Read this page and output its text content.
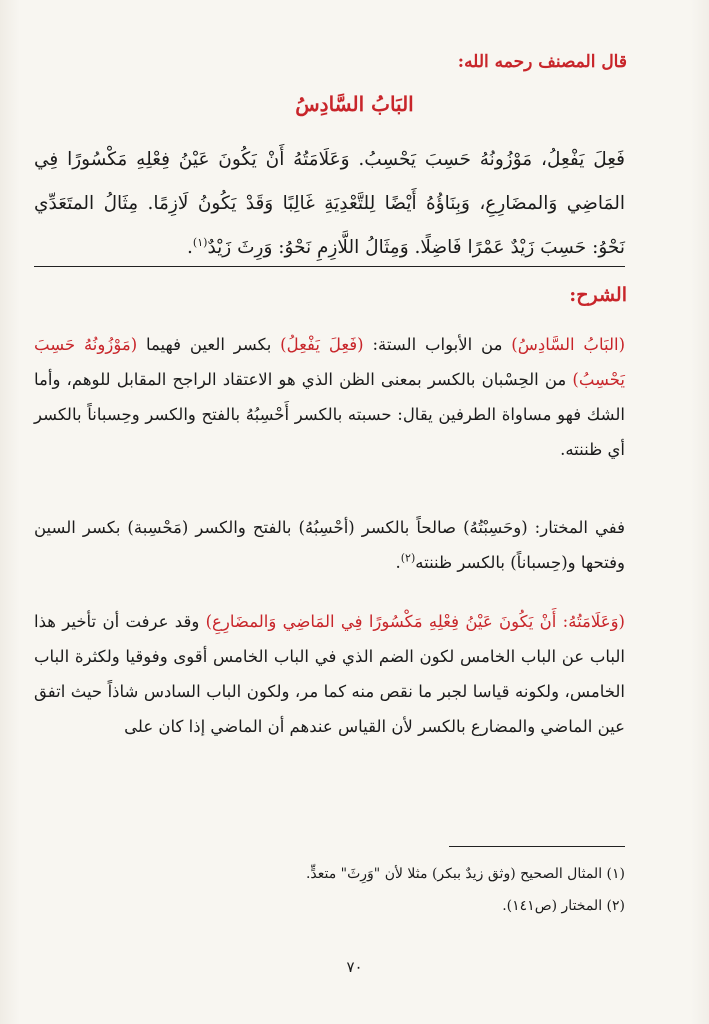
قال المصنف رحمه الله:
البَابُ السَّادِسُ
فَعِلَ يَفْعِلُ، مَوْزُونُهُ حَسِبَ يَحْسِبُ. وَعَلَامَتُهُ أَنْ يَكُونَ عَيْنُ فِعْلِهِ مَكْسُورًا فِي المَاضِي وَالمضَارِعِ، وَبِنَاؤُهُ أَيْضًا لِلتَّعْدِيَةِ غَالِبًا وَقَدْ يَكُونُ لَازِمًا. مِثَالُ المتَعَدِّي نَحْوُ: حَسِبَ زَيْدٌ عَمْرًا فَاضِلًا. وَمِثَالُ اللَّازِمِ نَحْوُ: وَرِثَ زَيْدٌ$^{(١)}$.
الشرح:
(البَابُ السَّادِسُ) من الأبواب الستة: (فَعِلَ يَفْعِلُ) بكسر العين فهيما (مَوْزُونُهُ حَسِبَ يَحْسِبُ) من الحِسْبان بالكسر بمعنى الظن الذي هو الاعتقاد الراجح المقابل للوهم، وأما الشك فهو مساواة الطرفين يقال: حسبته بالكسر أَحْسِبُهُ بالفتح والكسر وحِسباناً بالكسر أي ظننته.
ففي المختار: (وحَسِبْتُهُ) صالحاً بالكسر (أحْسِبُهُ) بالفتح والكسر (مَحْسِبة) بكسر السين وفتحها و(حِسباناً) بالكسر ظننته$^{(٢)}$.
(وَعَلَامَتُهُ: أَنْ يَكُونَ عَيْنُ فِعْلِهِ مَكْسُورًا فِي المَاضِي وَالمضَارِعِ) وقد عرفت أن تأخير هذا الباب عن الباب الخامس لكون الضم الذي في الباب الخامس أقوى وفوقيا ولكثرة الباب الخامس، ولكونه قياسا لجبر ما نقص منه كما مر، ولكون الباب السادس شاذاً حيث اتفق عين الماضي والمضارع بالكسر لأن القياس عندهم أن الماضي إذا كان على
(١) المثال الصحيح (وثق زيدٌ ببكر) مثلا لأن "وَرِثَ" متعدٍّ.
(٢) المختار (ص١٤١).
٧٠
